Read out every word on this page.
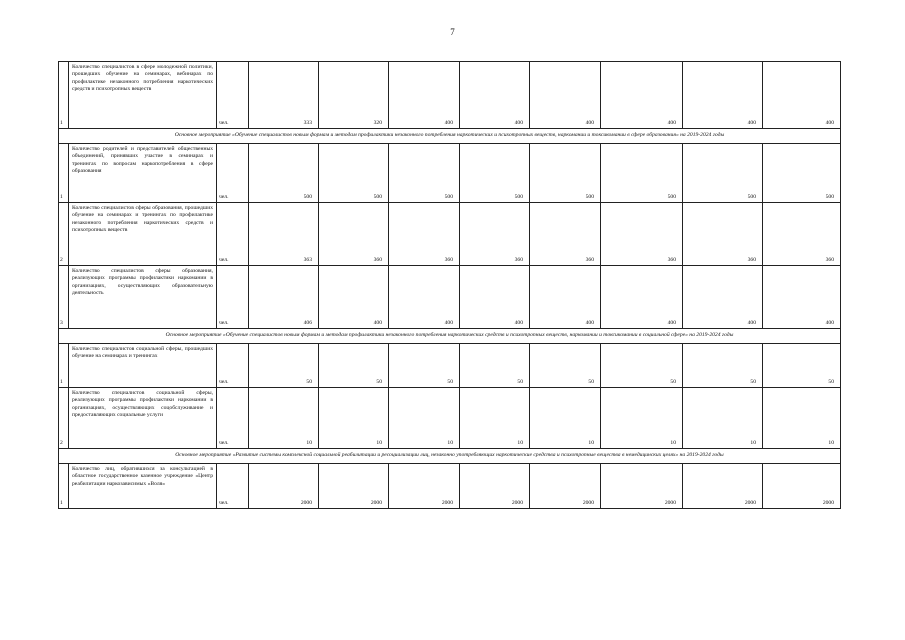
7
1	Количество специалистов в сфере молодежной политики, прошедших обучение на семинарах, вебинарах по профилактике незаконного потребления наркотических средств и психотропных веществ	чел.	333	320	400	400	400	400	400	400
Основное мероприятие «Обучение специалистов новым формам и методам профилактики незаконного потребления наркотических и психотропных веществ, наркомании и токсикомании в сфере образования» на 2019-2024 годы										
1	Количество родителей и представителей общественных объединений, принявших участие в семинарах и тренингах по вопросам наркопотребления в сфере образования	чел.	500	500	500	500	500	500	500	500
2	Количество специалистов сферы образования, прошедших обучение на семинарах и тренингах по профилактике незаконного потребления наркотических средств и психотропных веществ	чел.	363	360	360	360	360	360	360	360
3	Количество специалистов сферы образования, реализующих программы профилактики наркомании в организациях, осуществляющих образовательную деятельность	чел.	406	400	400	400	400	400	400	400
Основное мероприятие «Обучение специалистов новым формам и методам профилактики незаконного потребления наркотических средств и психотропных веществ, наркомании и токсикомании в социальной сфере» на 2019-2024 годы										
1	Количество специалистов социальной сферы, прошедших обучение на семинарах и тренингах	чел.	50	50	50	50	50	50	50	50
2	Количество специалистов социальной сферы, реализующих программы профилактики наркомании в организациях, осуществляющих соцобслуживание и предоставляющих социальные услуги	чел.	10	10	10	10	10	10	10	10
Основное мероприятие «Развитие системы комплексной социальной реабилитации и ресоциализации лиц, незаконно употребляющих наркотические средства и психотропные вещества в немедицинских целях» на 2019-2024 годы										
1	Количество лиц, обратившихся за консультацией в областное государственное казенное учреждение «Центр реабилитации наркозависимых «Воля»	чел.	2000	2000	2000	2000	2000	2000	2000	2000
